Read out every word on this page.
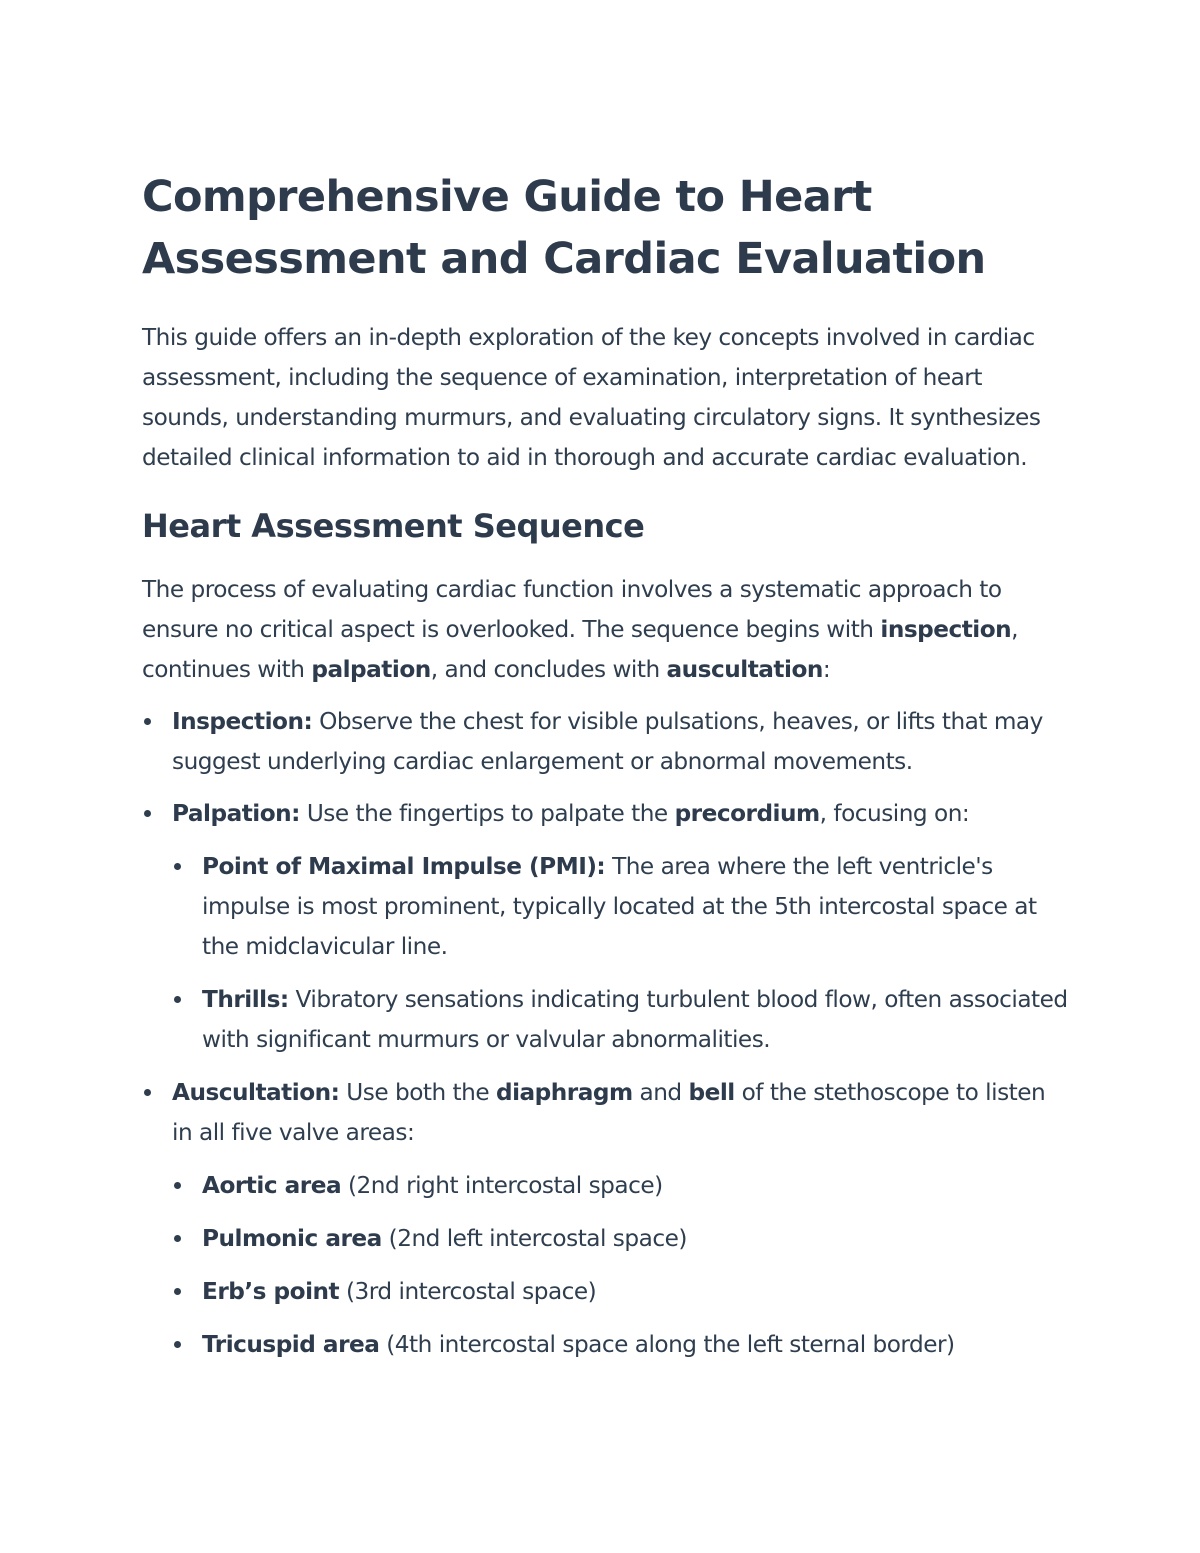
Comprehensive Guide to Heart Assessment and Cardiac Evaluation

This guide offers an in-depth exploration of the key concepts involved in cardiac assessment, including the sequence of examination, interpretation of heart sounds, understanding murmurs, and evaluating circulatory signs. It synthesizes detailed clinical information to aid in thorough and accurate cardiac evaluation.

Heart Assessment Sequence

The process of evaluating cardiac function involves a systematic approach to ensure no critical aspect is overlooked. The sequence begins with inspection, continues with palpation, and concludes with auscultation:

Inspection: Observe the chest for visible pulsations, heaves, or lifts that may suggest underlying cardiac enlargement or abnormal movements.
Palpation: Use the fingertips to palpate the precordium, focusing on:
Point of Maximal Impulse (PMI): The area where the left ventricle's impulse is most prominent, typically located at the 5th intercostal space at the midclavicular line.
Thrills: Vibratory sensations indicating turbulent blood flow, often associated with significant murmurs or valvular abnormalities.
Auscultation: Use both the diaphragm and bell of the stethoscope to listen in all five valve areas:
Aortic area (2nd right intercostal space)
Pulmonic area (2nd left intercostal space)
Erb’s point (3rd intercostal space)
Tricuspid area (4th intercostal space along the left sternal border)
